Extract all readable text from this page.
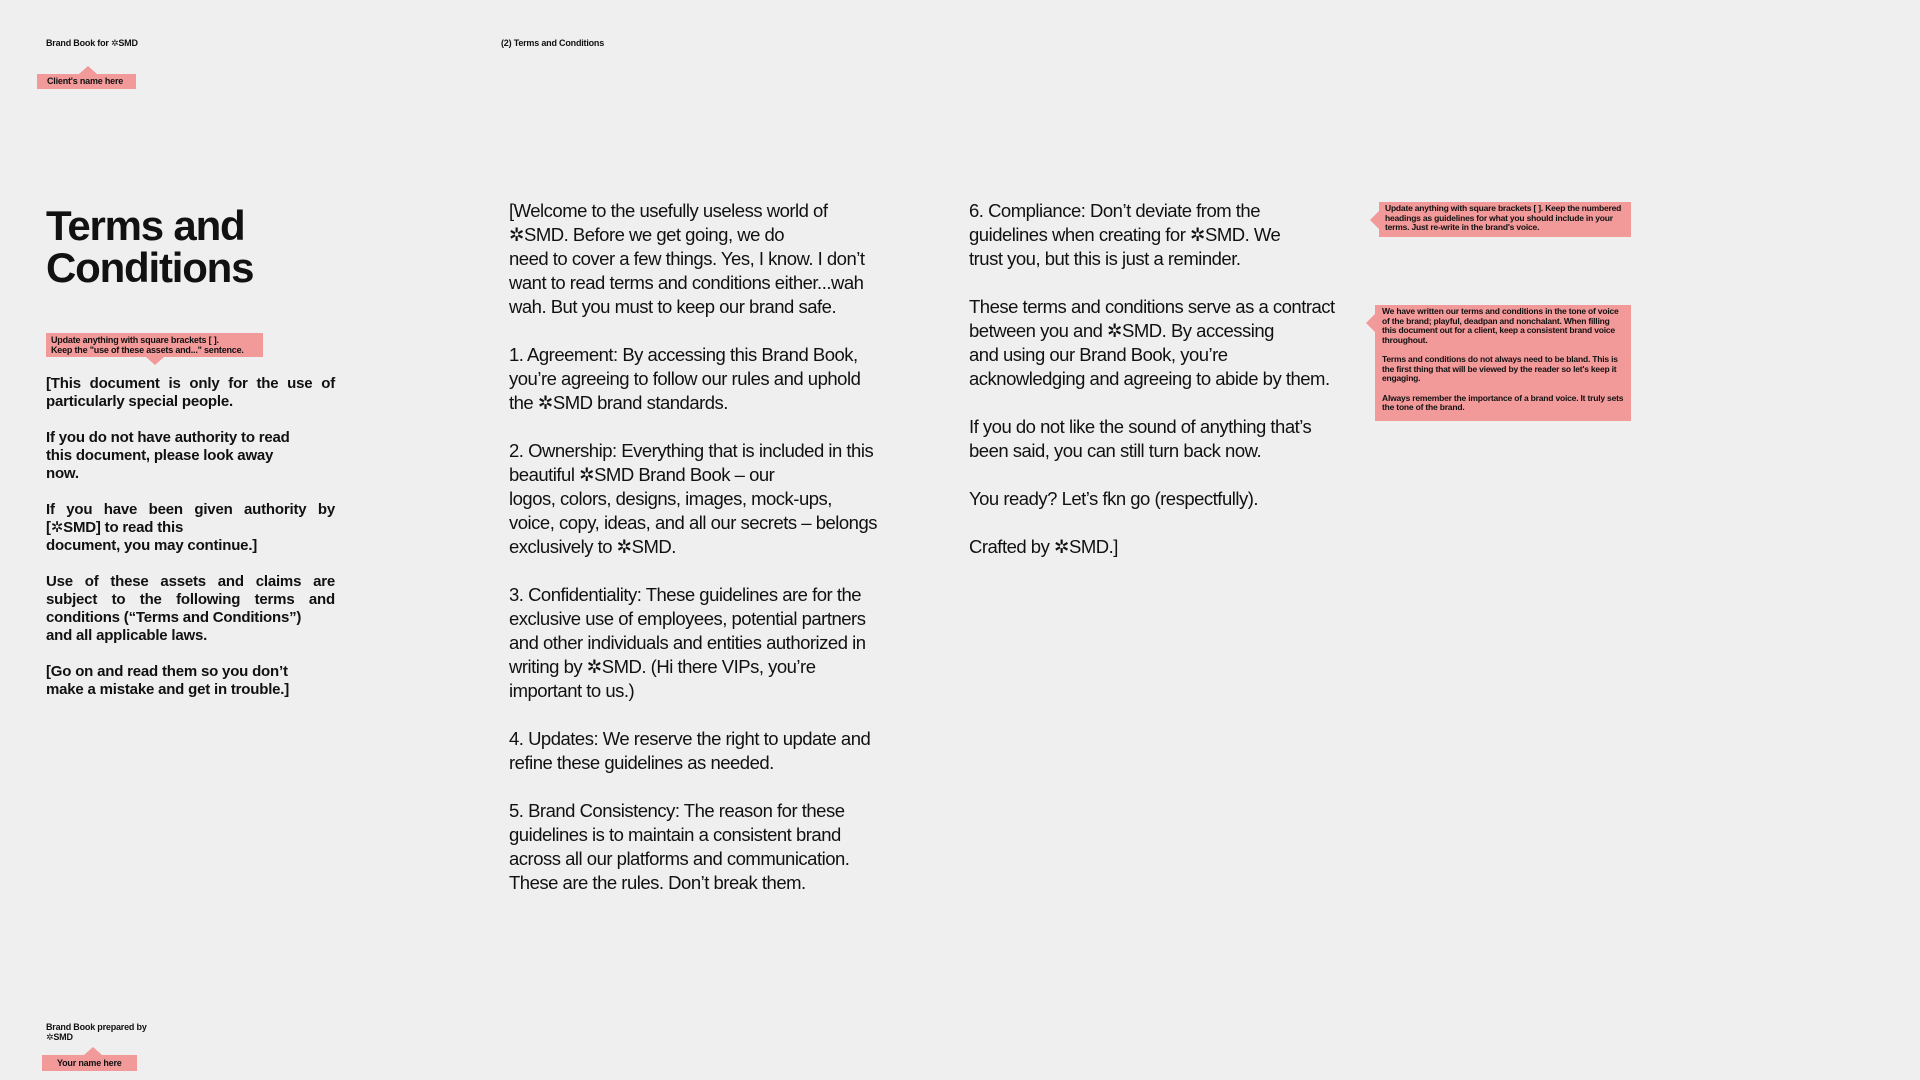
Brand Book for ✲SMD	(2) Terms and Conditions
Client's name here
Terms and Conditions
Update anything with square brackets [ ].
Keep the "use of these assets and..." sentence.

[This document is only for the use of particularly special people.

If you do not have authority to read
this document, please look away
now.

If you have been given authority by [✲SMD] to read this
document, you may continue.]

Use of these assets and claims are subject to the following terms and conditions (“Terms and Conditions”)
and all applicable laws.

[Go on and read them so you don’t
make a mistake and get in trouble.]

[Welcome to the usefully useless world of
✲SMD. Before we get going, we do
need to cover a few things. Yes, I know. I don’t
want to read terms and conditions either...wah
wah. But you must to keep our brand safe.

1. Agreement: By accessing this Brand Book,
you’re agreeing to follow our rules and uphold
the ✲SMD brand standards.

2. Ownership: Everything that is included in this
beautiful ✲SMD Brand Book – our
logos, colors, designs, images, mock-ups,
voice, copy, ideas, and all our secrets – belongs
exclusively to ✲SMD.

3. Confidentiality: These guidelines are for the
exclusive use of employees, potential partners
and other individuals and entities authorized in
writing by ✲SMD. (Hi there VIPs, you’re
important to us.)

4. Updates: We reserve the right to update and
refine these guidelines as needed.

5. Brand Consistency: The reason for these
guidelines is to maintain a consistent brand
across all our platforms and communication.
These are the rules. Don’t break them.

6. Compliance: Don’t deviate from the
guidelines when creating for ✲SMD. We
trust you, but this is just a reminder.

These terms and conditions serve as a contract
between you and ✲SMD. By accessing
and using our Brand Book, you’re
acknowledging and agreeing to abide by them.

If you do not like the sound of anything that’s
been said, you can still turn back now.

You ready? Let’s fkn go (respectfully).

Crafted by ✲SMD.]

Update anything with square brackets [ ]. Keep the numbered headings as guidelines for what you should include in your terms. Just re-write in the brand's voice.

We have written our terms and conditions in the tone of voice of the brand; playful, deadpan and nonchalant. When filling this document out for a client, keep a consistent brand voice throughout.

Terms and conditions do not always need to be bland. This is the first thing that will be viewed by the reader so let's keep it engaging.

Always remember the importance of a brand voice. It truly sets the tone of the brand.

Brand Book prepared by
✲SMD
Your name here
